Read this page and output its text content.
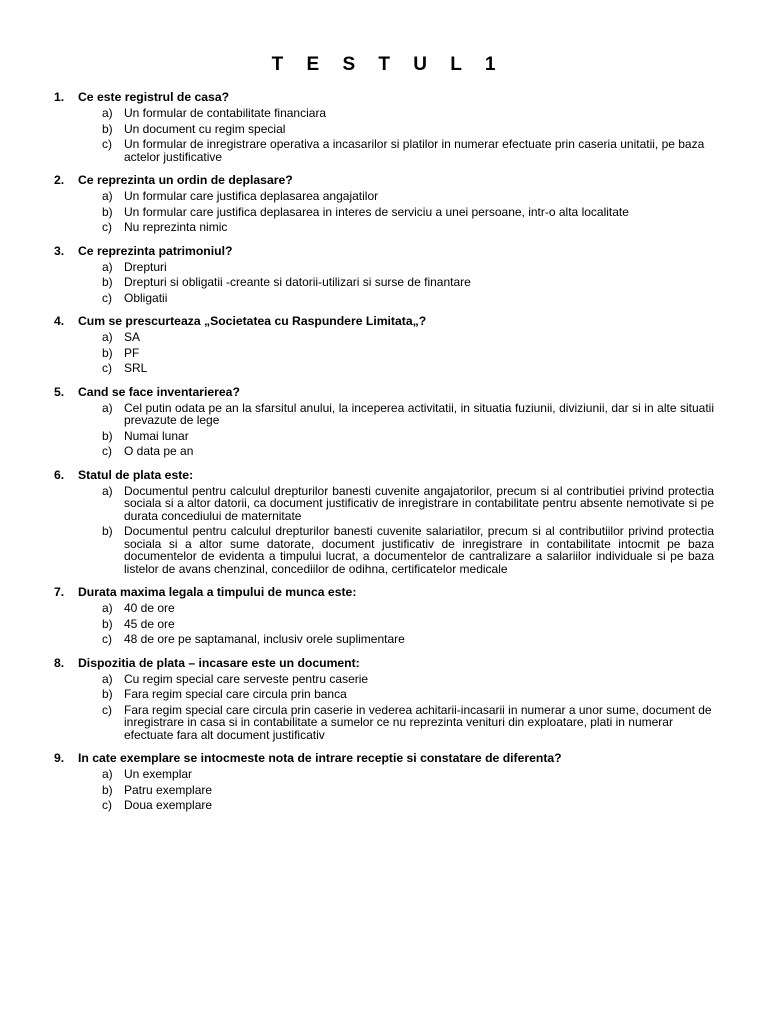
T E S T U L 1
1.	Ce este registrul de casa?
a) Un formular de contabilitate financiara
b) Un document cu regim special
c)	Un formular de inregistrare operativa a incasarilor si platilor in numerar efectuate prin caseria unitatii, pe baza actelor justificative
2.	Ce reprezinta un ordin de deplasare?
a) Un formular care justifica deplasarea angajatilor
b) Un formular care justifica deplasarea in interes de serviciu a unei persoane, intr-o alta localitate
c)	Nu reprezinta nimic
3.	Ce reprezinta patrimoniul?
a) Drepturi
b) Drepturi si obligatii -creante si datorii-utilizari si surse de finantare
c)	Obligatii
4.	Cum se prescurteaza „Societatea cu Raspundere Limitata„?
a) SA
b) PF
c)	SRL
5.	Cand se face inventarierea?
a) Cel putin odata pe an la sfarsitul anului, la inceperea activitatii, in situatia fuziunii, diviziunii, dar si in alte situatii prevazute de lege
b) Numai lunar
c)	O data pe an
6.	Statul de plata este:
a) Documentul pentru calculul drepturilor banesti cuvenite angajatorilor, precum si al contributiei privind protectia sociala si a altor datorii, ca document justificativ de inregistrare in contabilitate pentru absente nemotivate si pe durata concediului de maternitate
b) Documentul pentru calculul drepturilor banesti cuvenite salariatilor, precum si al contributiilor privind protectia sociala si a altor sume datorate, document justificativ de inregistrare in contabilitate intocmit pe baza documentelor de evidenta a timpului lucrat, a documentelor de cantralizare a salariilor individuale si pe baza listelor de avans chenzinal, concediilor de odihna, certificatelor medicale
7.	Durata maxima legala a timpului de munca este:
a) 40 de ore
b) 45 de ore
c)	48 de ore pe saptamanal, inclusiv orele suplimentare
8.	Dispozitia de plata – incasare este un document:
a) Cu regim special care serveste pentru caserie
b) Fara regim special care circula prin banca
c)	Fara regim special care circula prin caserie in vederea achitarii-incasarii in numerar a unor sume, document de inregistrare in casa si in contabilitate a sumelor ce nu reprezinta venituri din exploatare, plati in numerar efectuate fara alt document justificativ
9.	In cate exemplare se intocmeste nota de intrare receptie si constatare de diferenta?
a) Un exemplar
b) Patru exemplare
c)	Doua exemplare
